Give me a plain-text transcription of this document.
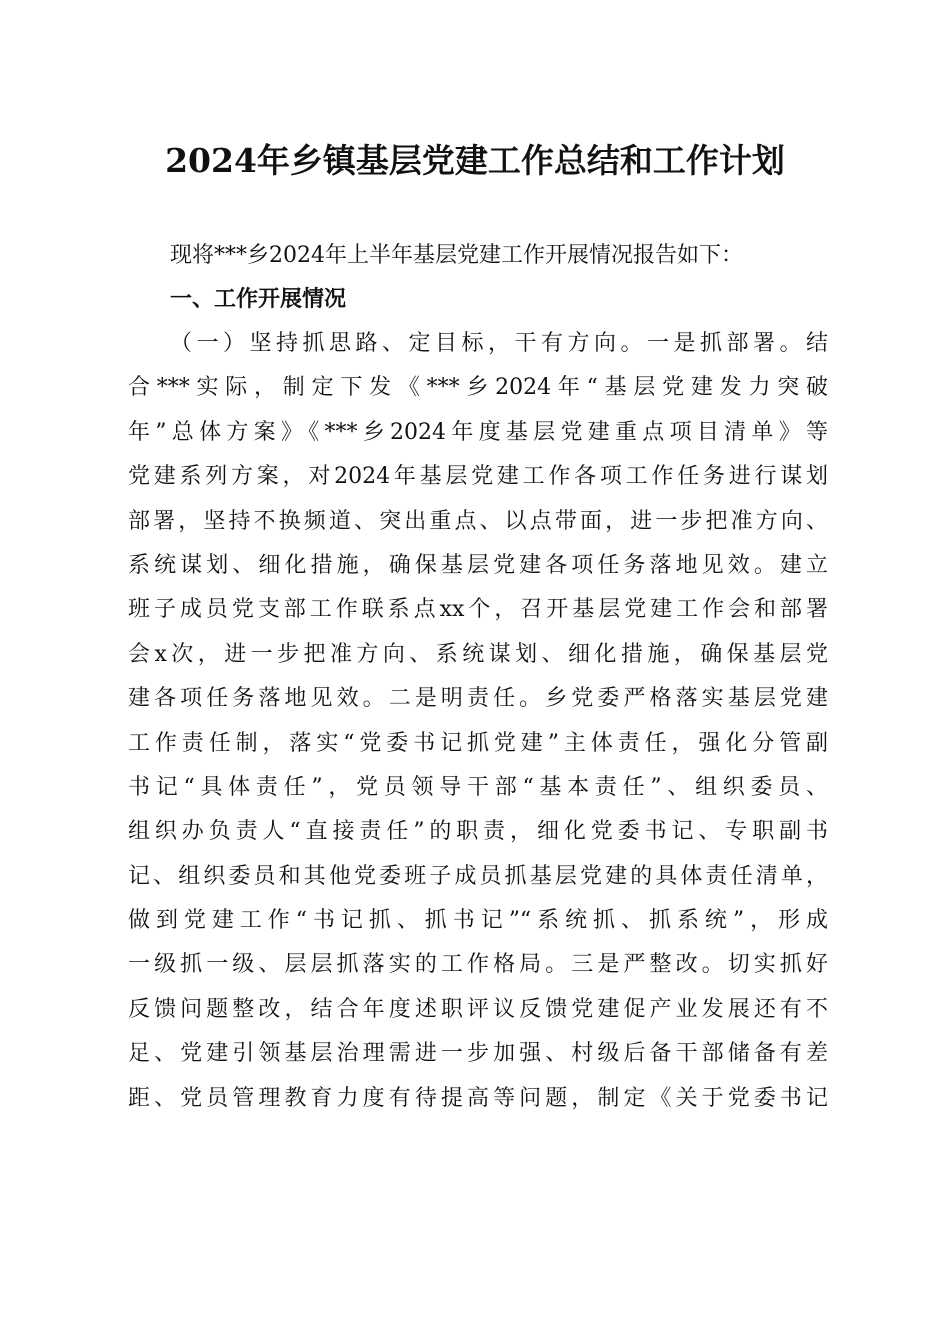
2024年乡镇基层党建工作总结和工作计划
现将***乡2024年上半年基层党建工作开展情况报告如下：
一、工作开展情况
（一）坚持抓思路、定目标，干有方向。一是抓部署。结
合***实际，制定下发《***乡2024年“基层党建发力突破
年”总体方案》《***乡2024年度基层党建重点项目清单》等
党建系列方案，对2024年基层党建工作各项工作任务进行谋划
部署，坚持不换频道、突出重点、以点带面，进一步把准方向、
系统谋划、细化措施，确保基层党建各项任务落地见效。建立
班子成员党支部工作联系点xx个，召开基层党建工作会和部署
会x次，进一步把准方向、系统谋划、细化措施，确保基层党
建各项任务落地见效。二是明责任。乡党委严格落实基层党建
工作责任制，落实“党委书记抓党建”主体责任，强化分管副
书记“具体责任”，党员领导干部“基本责任”、组织委员、
组织办负责人“直接责任”的职责，细化党委书记、专职副书
记、组织委员和其他党委班子成员抓基层党建的具体责任清单，
做到党建工作“书记抓、抓书记”“系统抓、抓系统”，形成
一级抓一级、层层抓落实的工作格局。三是严整改。切实抓好
反馈问题整改，结合年度述职评议反馈党建促产业发展还有不
足、党建引领基层治理需进一步加强、村级后备干部储备有差
距、党员管理教育力度有待提高等问题，制定《关于党委书记
